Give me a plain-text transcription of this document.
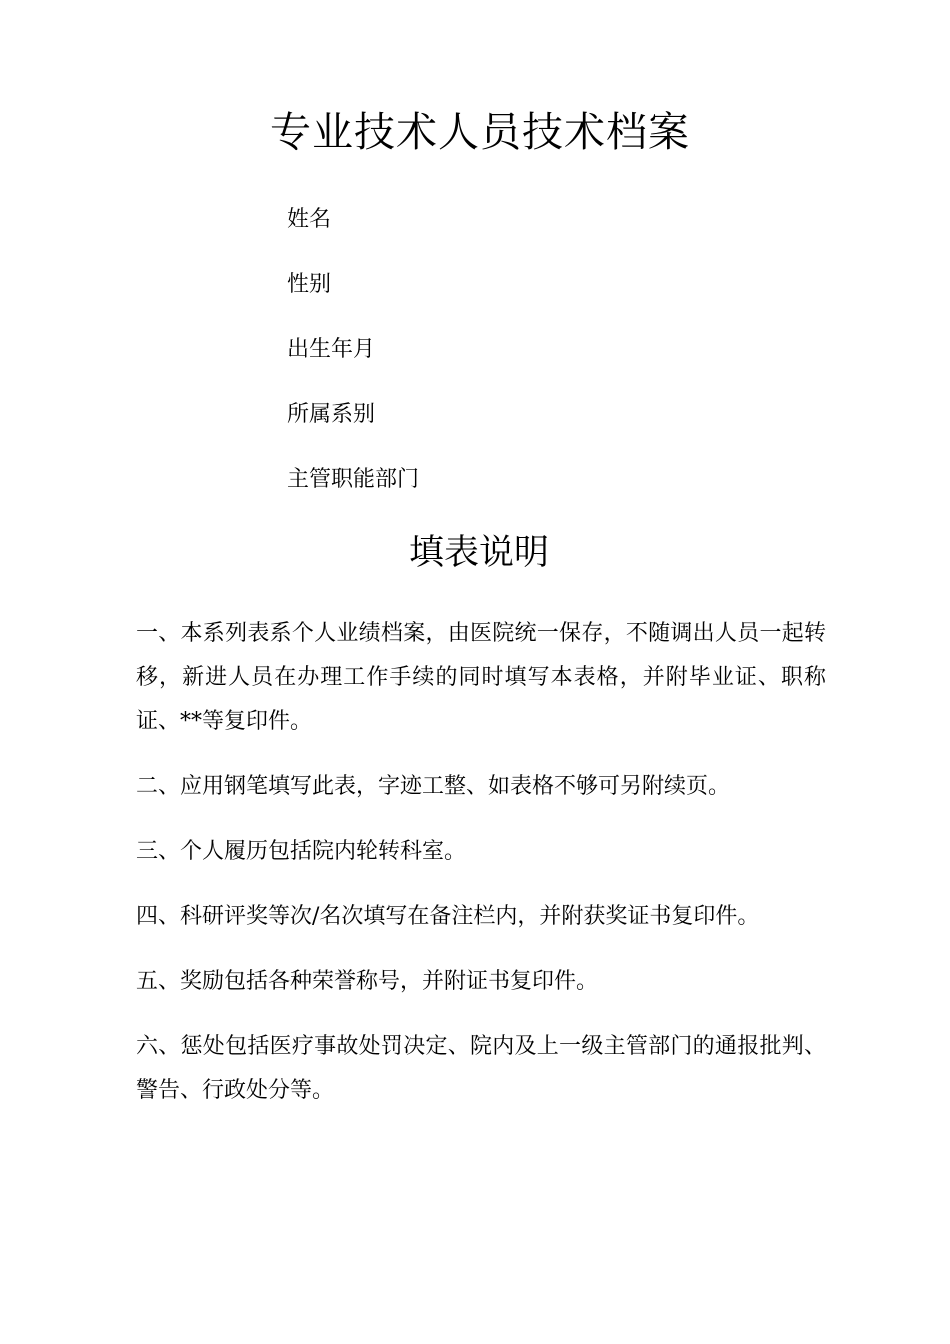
专业技术人员技术档案
姓名
性别
出生年月
所属系别
主管职能部门
填表说明

一、本系列表系个人业绩档案，由医院统一保存，不随调出人员一起转移，新进人员在办理工作手续的同时填写本表格，并附毕业证、职称证、**等复印件。

二、应用钢笔填写此表，字迹工整、如表格不够可另附续页。

三、个人履历包括院内轮转科室。

四、科研评奖等次/名次填写在备注栏内，并附获奖证书复印件。

五、奖励包括各种荣誉称号，并附证书复印件。

六、惩处包括医疗事故处罚决定、院内及上一级主管部门的通报批判、警告、行政处分等。
